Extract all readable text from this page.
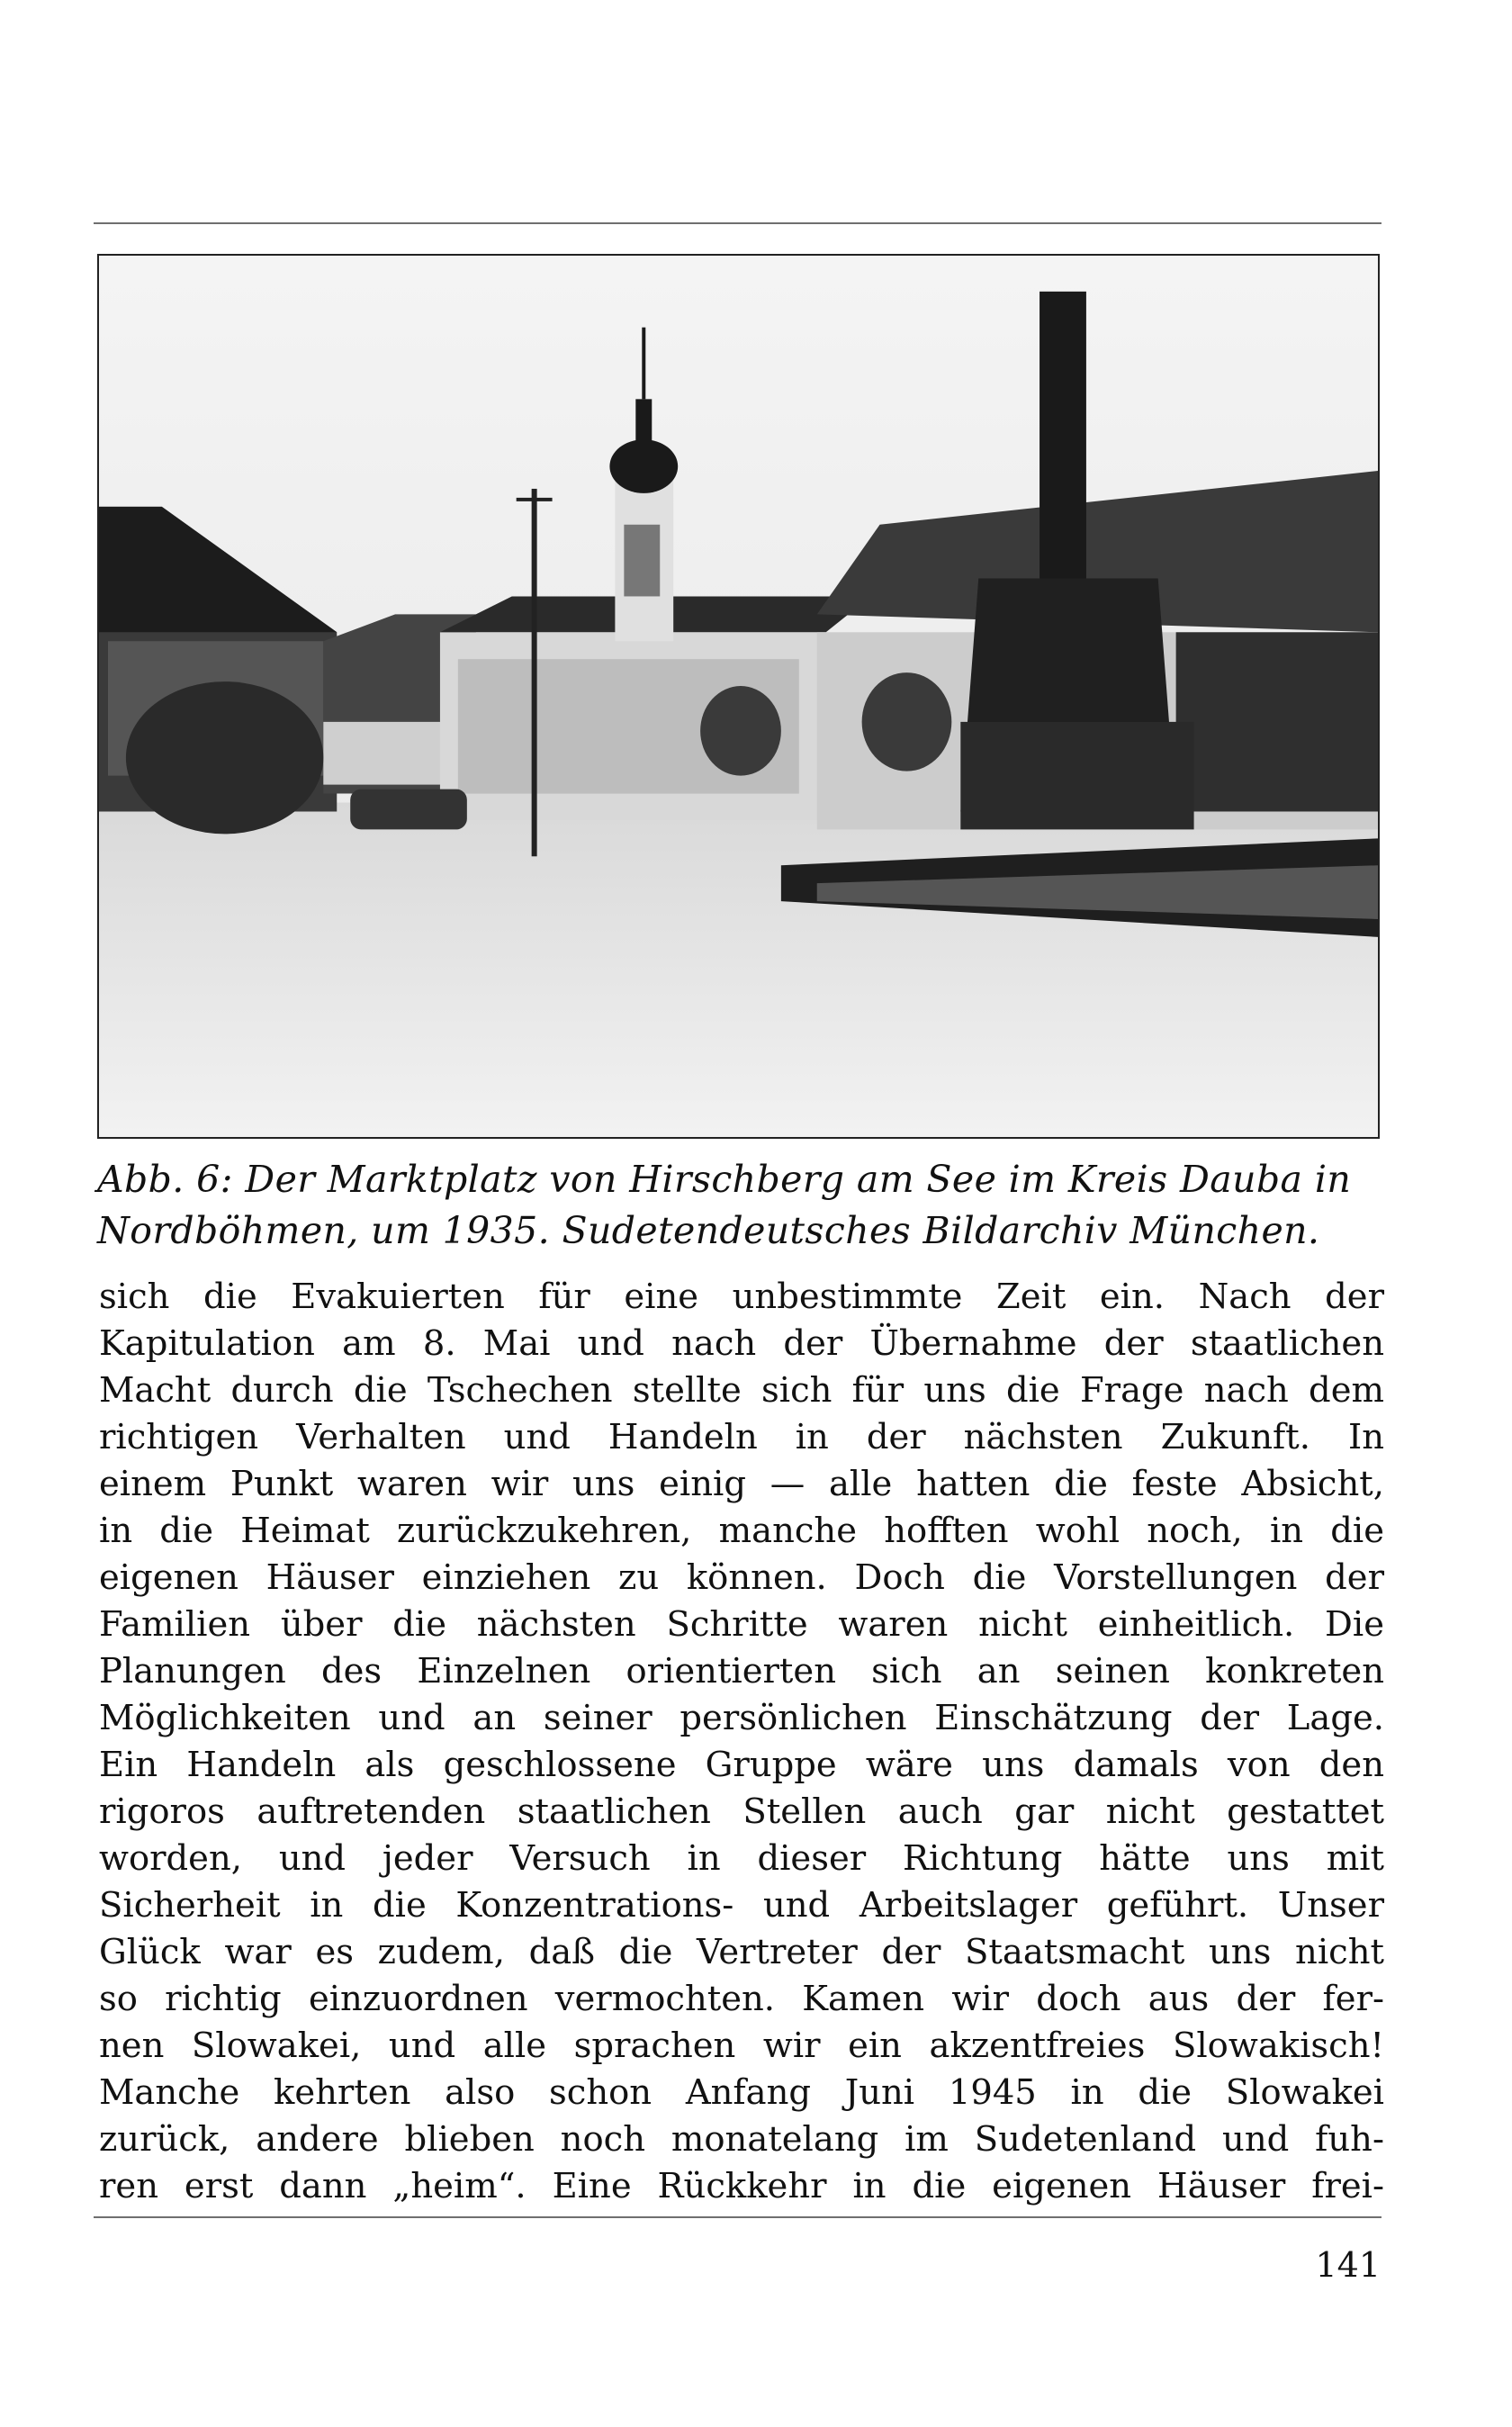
Abb. 6: Der Marktplatz von Hirschberg am See im Kreis Dauba in
Nordböhmen, um 1935. Sudetendeutsches Bildarchiv München.
sich die Evakuierten für eine unbestimmte Zeit ein. Nach der
Kapitulation am 8. Mai und nach der Übernahme der staatlichen
Macht durch die Tschechen stellte sich für uns die Frage nach dem
richtigen Verhalten und Handeln in der nächsten Zukunft. In
einem Punkt waren wir uns einig — alle hatten die feste Absicht,
in die Heimat zurückzukehren, manche hofften wohl noch, in die
eigenen Häuser einziehen zu können. Doch die Vorstellungen der
Familien über die nächsten Schritte waren nicht einheitlich. Die
Planungen des Einzelnen orientierten sich an seinen konkreten
Möglichkeiten und an seiner persönlichen Einschätzung der Lage.
Ein Handeln als geschlossene Gruppe wäre uns damals von den
rigoros auftretenden staatlichen Stellen auch gar nicht gestattet
worden, und jeder Versuch in dieser Richtung hätte uns mit
Sicherheit in die Konzentrations- und Arbeitslager geführt. Unser
Glück war es zudem, daß die Vertreter der Staatsmacht uns nicht
so richtig einzuordnen vermochten. Kamen wir doch aus der fer-
nen Slowakei, und alle sprachen wir ein akzentfreies Slowakisch!
Manche kehrten also schon Anfang Juni 1945 in die Slowakei
zurück, andere blieben noch monatelang im Sudetenland und fuh-
ren erst dann „heim“. Eine Rückkehr in die eigenen Häuser frei-
141
